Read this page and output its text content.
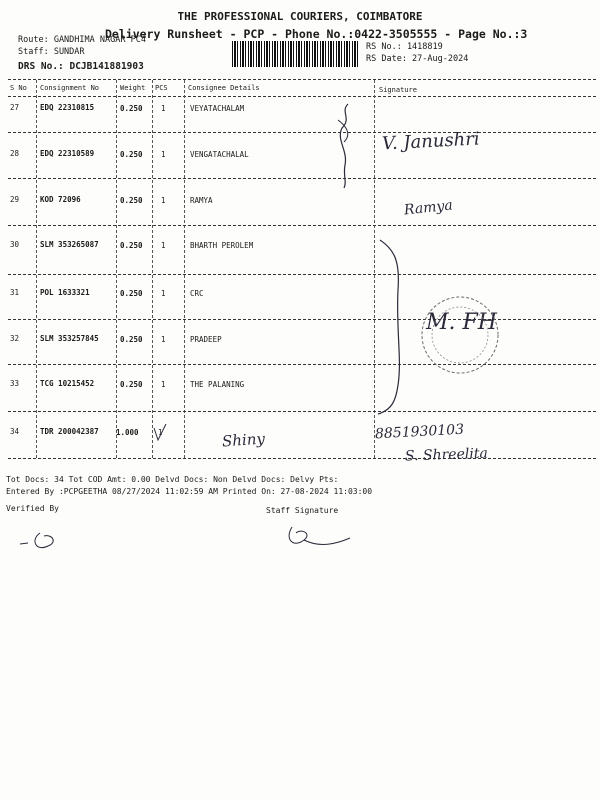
THE PROFESSIONAL COURIERS, COIMBATORE
Delivery Runsheet - PCP - Phone No.:0422-3505555 - Page No.:3
Route: GANDHIMA NAGAR PC4
Staff: SUNDAR
DRS No.: DCJB141881903
RS No.: 1418819
RS Date: 27-Aug-2024
S No Consignment No	Weight PCS	Consignee Details	Signature
27	EDQ 22310815	0.250 1	VEYATACHALAM
28	EDQ 22310589	0.250 1	VENGATACHALAL
29	KOD 72096	0.250 1	RAMYA
30	SLM 353265087	0.250 1	BHARTH PEROLEM
31	POL 1633321	0.250 1	CRC
32	SLM 353257845	0.250 1	PRADEEP
33	TCG 10215452	0.250 1	THE PALANING
34	TDR 200042387 1.000	1
V. Janushri
Ramya
M. FH
Shiny	8851930103
S. Shreelita
Tot Docs: 34 Tot COD Amt: 0.00 Delvd Docs: Non Delvd Docs: Delvy Pts:
Entered By :PCPGEETHA 08/27/2024 11:02:59 AM Printed On: 27-08-2024 11:03:00
Verified By	Staff Signature
